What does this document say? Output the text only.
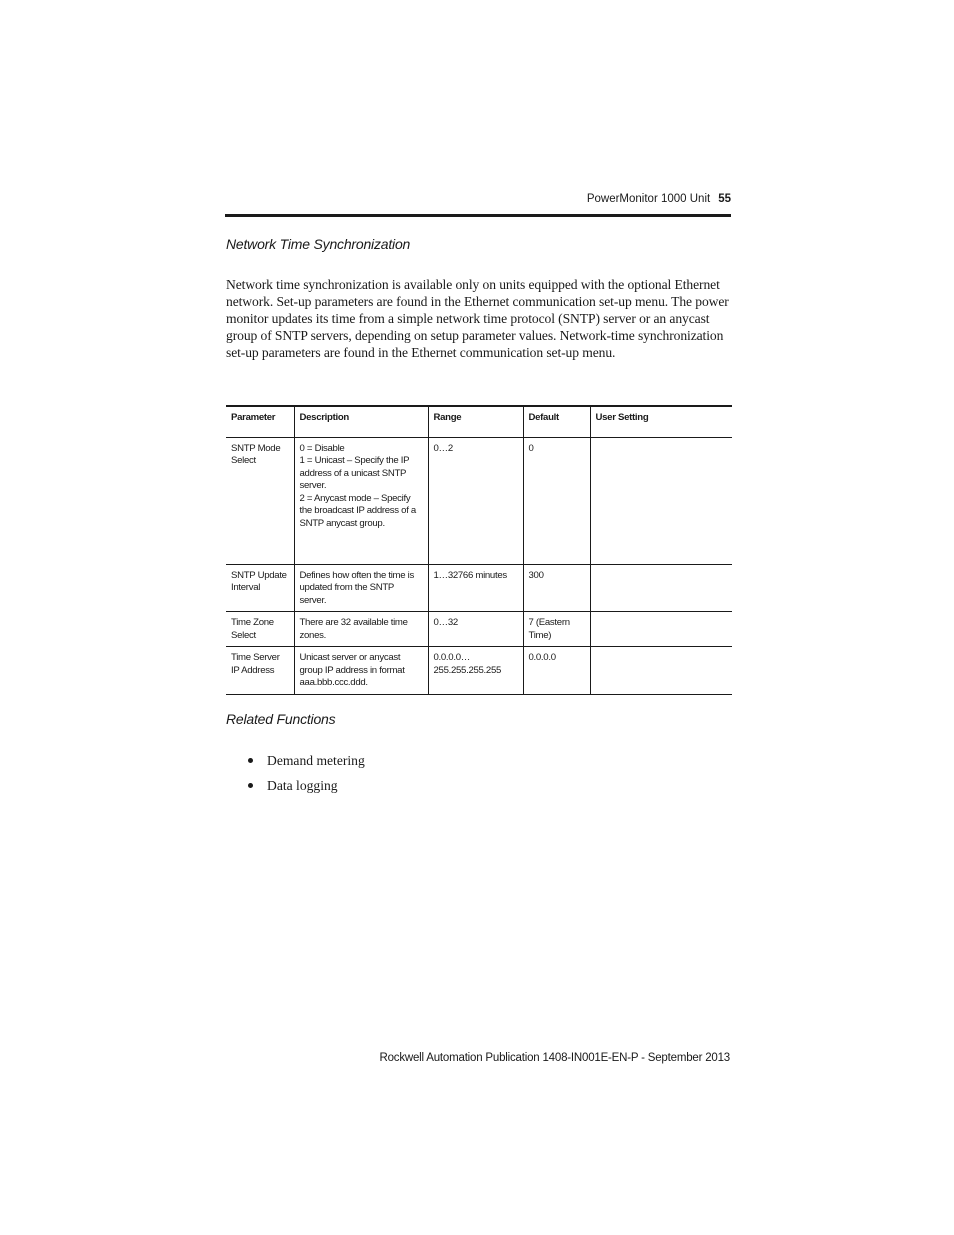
PowerMonitor 1000 Unit 55
Network Time Synchronization

Network time synchronization is available only on units equipped with the optional Ethernet network. Set-up parameters are found in the Ethernet communication set-up menu. The power monitor updates its time from a simple network time protocol (SNTP) server or an anycast group of SNTP servers, depending on setup parameter values. Network-time synchronization set-up parameters are found in the Ethernet communication set-up menu.

Parameter	Description	Range	Default	User Setting
SNTP Mode Select	0 = Disable
1 = Unicast – Specify the IP address of a unicast SNTP server.
2 = Anycast mode – Specify the broadcast IP address of a SNTP anycast group.	0…2	0	
SNTP Update Interval	Defines how often the time is updated from the SNTP server.	1…32766 minutes	300	
Time Zone Select	There are 32 available time zones.	0…32	7 (Eastern Time)	
Time Server IP Address	Unicast server or anycast group IP address in format aaa.bbb.ccc.ddd.	0.0.0.0… 255.255.255.255	0.0.0.0	
Related Functions
Demand metering
Data logging
Rockwell Automation Publication 1408-IN001E-EN-P - September 2013
